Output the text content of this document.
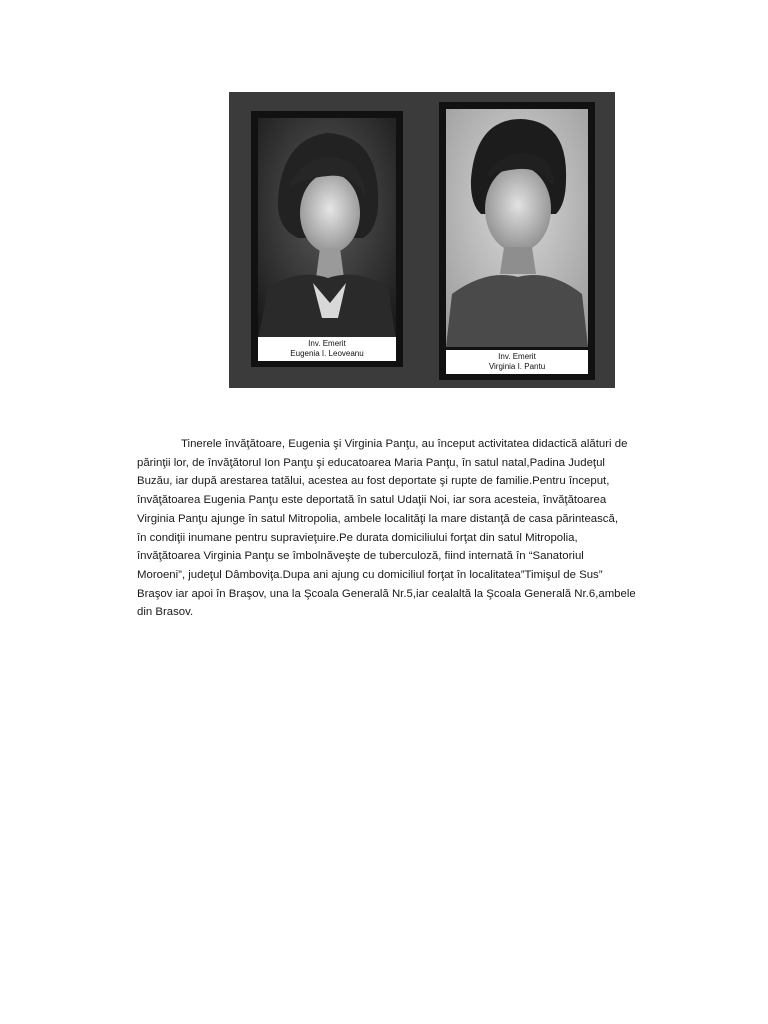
Inv. Emerit
Eugenia I. Leoveanu	Inv. Emerit
Virginia I. Pantu

Tinerele învăţătoare, Eugenia şi Virginia Panţu, au început activitatea didactică alături de
părinţii lor, de învăţătorul Ion Panţu şi educatoarea Maria Panţu, în satul natal,Padina Judeţul
Buzău, iar după arestarea tatălui, acestea au fost deportate şi rupte de familie.Pentru început,
învăţătoarea Eugenia Panţu este deportată în satul Udaţii Noi, iar sora acesteia, învăţătoarea
Virginia Panţu ajunge în satul Mitropolia, ambele localităţi la mare distanţă de casa părintească,
în condiţii inumane pentru supravieţuire.Pe durata domiciliului forţat din satul Mitropolia,
învăţătoarea Virginia Panţu se îmbolnăveşte de tuberculoză, fiind internată în “Sanatoriul
Moroeni”, judeţul Dâmboviţa.Dupa ani ajung cu domiciliul forţat în localitatea”Timişul de Sus”
Braşov iar apoi în Braşov, una la Şcoala Generală Nr.5,iar cealaltă la Şcoala Generală Nr.6,ambele
din Brasov.
